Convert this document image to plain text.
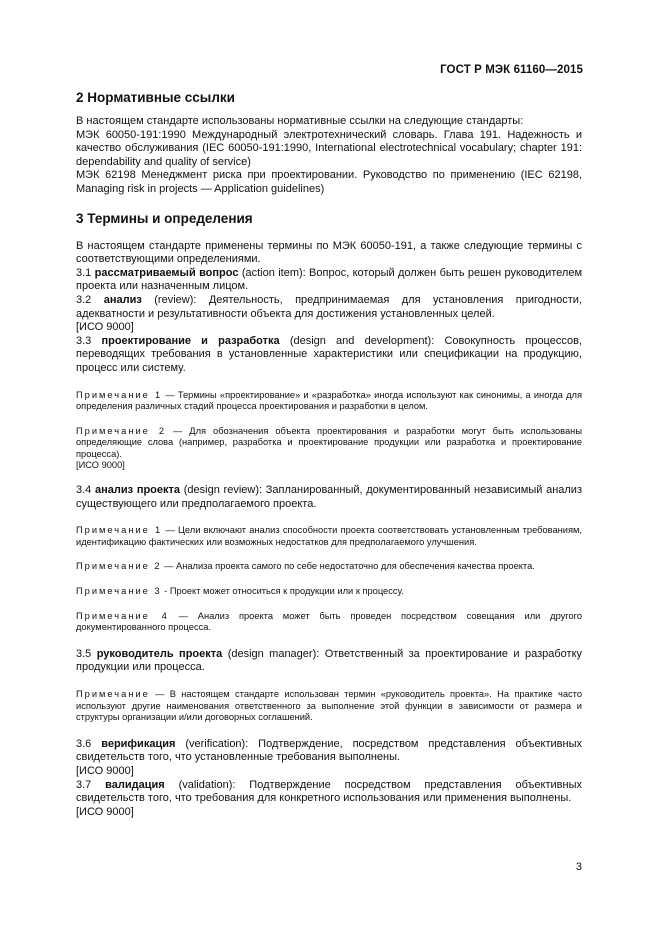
ГОСТ Р МЭК 61160—2015
2 Нормативные ссылки

В настоящем стандарте использованы нормативные ссылки на следующие стандарты:

МЭК 60050-191:1990 Международный электротехнический словарь. Глава 191. Надежность и качество обслуживания (IEC 60050-191:1990, International electrotechnical vocabulary; chapter 191: dependability and quality of service)

МЭК 62198 Менеджмент риска при проектировании. Руководство по применению (IEC 62198, Managing risk in projects — Application guidelines)

3 Термины и определения

В настоящем стандарте применены термины по МЭК 60050-191, а также следующие термины с соответствующими определениями.

3.1 рассматриваемый вопрос (action item): Вопрос, который должен быть решен руководителем проекта или назначенным лицом.

3.2 анализ (review): Деятельность, предпринимаемая для установления пригодности, адекватности и результативности объекта для достижения установленных целей.

[ИСО 9000]

3.3 проектирование и разработка (design and development): Совокупность процессов, переводящих требования в установленные характеристики или спецификации на продукцию, процесс или систему.

Примечание 1 — Термины «проектирование» и «разработка» иногда используют как синонимы, а иногда для определения различных стадий процесса проектирования и разработки в целом.

Примечание 2 — Для обозначения объекта проектирования и разработки могут быть использованы определяющие слова (например, разработка и проектирование продукции или разработка и проектирование процесса).

[ИСО 9000]

3.4 анализ проекта (design review): Запланированный, документированный независимый анализ существующего или предполагаемого проекта.

Примечание 1 — Цели включают анализ способности проекта соответствовать установленным требованиям, идентификацию фактических или возможных недостатков для предполагаемого улучшения.

Примечание 2 — Анализа проекта самого по себе недостаточно для обеспечения качества проекта.

Примечание 3 - Проект может относиться к продукции или к процессу.

Примечание 4 — Анализ проекта может быть проведен посредством совещания или другого документированного процесса.

3.5 руководитель проекта (design manager): Ответственный за проектирование и разработку продукции или процесса.

Примечание — В настоящем стандарте использован термин «руководитель проекта». На практике часто используют другие наименования ответственного за выполнение этой функции в зависимости от размера и структуры организации и/или договорных соглашений.

3.6 верификация (verification): Подтверждение, посредством представления объективных свидетельств того, что установленные требования выполнены.

[ИСО 9000]

3.7 валидация (validation): Подтверждение посредством представления объективных свидетельств того, что требования для конкретного использования или применения выполнены.

[ИСО 9000]

3
